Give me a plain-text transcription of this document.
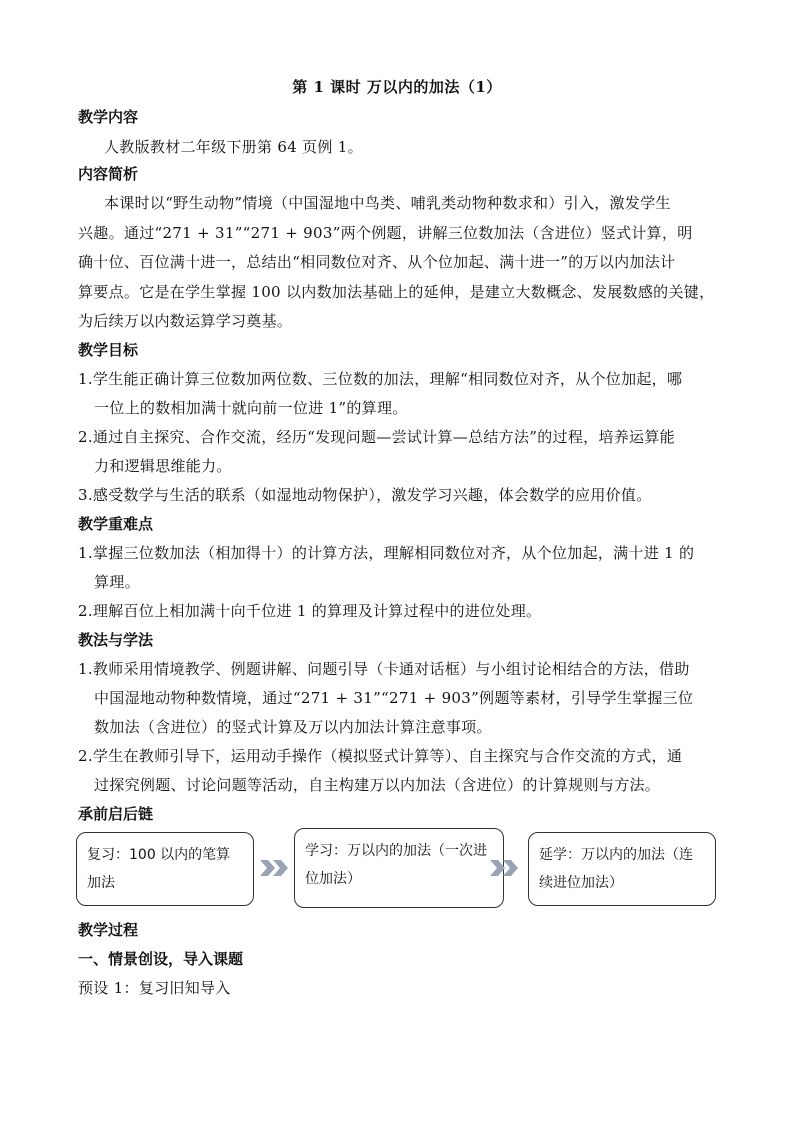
第 1 课时 万以内的加法（1）
教学内容
人教版教材二年级下册第 64 页例 1。
内容简析
本课时以“野生动物”情境（中国湿地中鸟类、哺乳类动物种数求和）引入，激发学生
兴趣。通过“271 + 31”“271 + 903”两个例题，讲解三位数加法（含进位）竖式计算，明
确十位、百位满十进一，总结出“相同数位对齐、从个位加起、满十进一”的万以内加法计
算要点。它是在学生掌握 100 以内数加法基础上的延伸，是建立大数概念、发展数感的关键，
为后续万以内数运算学习奠基。
教学目标
1.学生能正确计算三位数加两位数、三位数的加法，理解“相同数位对齐，从个位加起，哪
一位上的数相加满十就向前一位进 1”的算理。
2.通过自主探究、合作交流，经历“发现问题—尝试计算—总结方法”的过程，培养运算能
力和逻辑思维能力。
3.感受数学与生活的联系（如湿地动物保护），激发学习兴趣，体会数学的应用价值。
教学重难点
1.掌握三位数加法（相加得十）的计算方法，理解相同数位对齐，从个位加起，满十进 1 的
算理。
2.理解百位上相加满十向千位进 1 的算理及计算过程中的进位处理。
教法与学法
1.教师采用情境教学、例题讲解、问题引导（卡通对话框）与小组讨论相结合的方法，借助
中国湿地动物种数情境，通过“271 + 31”“271 + 903”例题等素材，引导学生掌握三位
数加法（含进位）的竖式计算及万以内加法计算注意事项。
2.学生在教师引导下，运用动手操作（模拟竖式计算等）、自主探究与合作交流的方式，通
过探究例题、讨论问题等活动，自主构建万以内加法（含进位）的计算规则与方法。
承前启后链
复习：100 以内的笔算加法
学习：万以内的加法（一次进位加法）
延学：万以内的加法（连续进位加法）
教学过程
一、情景创设，导入课题
预设 1：复习旧知导入
